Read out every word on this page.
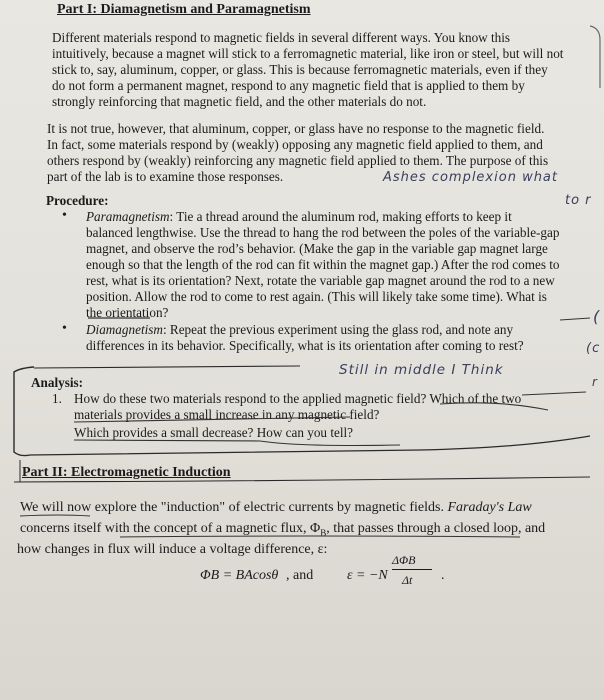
Part I: Diamagnetism and Paramagnetism
Different materials respond to magnetic fields in several different ways. You know this
intuitively, because a magnet will stick to a ferromagnetic material, like iron or steel, but will not
stick to, say, aluminum, copper, or glass. This is because ferromagnetic materials, even if they
do not form a permanent magnet, respond to any magnetic field that is applied to them by
strongly reinforcing that magnetic field, and the other materials do not.
It is not true, however, that aluminum, copper, or glass have no response to the magnetic field.
In fact, some materials respond by (weakly) opposing any magnetic field applied to them, and
others respond by (weakly) reinforcing any magnetic field applied to them. The purpose of this
part of the lab is to examine those responses.	Ashes complexion what
to r
Procedure:
• Paramagnetism: Tie a thread around the aluminum rod, making efforts to keep it
balanced lengthwise. Use the thread to hang the rod between the poles of the variable-gap
magnet, and observe the rod’s behavior. (Make the gap in the variable gap magnet large
enough so that the length of the rod can fit within the magnet gap.) After the rod comes to
rest, what is its orientation? Next, rotate the variable gap magnet around the rod to a new
position. Allow the rod to come to rest again. (This will likely take some time). What is
the orientation?
• Diamagnetism: Repeat the previous experiment using the glass rod, and note any
differences in its behavior. Specifically, what is its orientation after coming to rest?	(c
(
r
Still in middle I Think
Analysis:
1. How do these two materials respond to the applied magnetic field? Which of the two
materials provides a small increase in any magnetic field?
Which provides a small decrease? How can you tell?
Part II: Electromagnetic Induction
We will now explore the "induction" of electric currents by magnetic fields. Faraday's Law
concerns itself with the concept of a magnetic flux, $\Phi_B$, that passes through a closed loop, and
how changes in flux will induce a voltage difference, ε:
ΦB = BAcosθ , and ε = −N
ΔΦB
Δt .
